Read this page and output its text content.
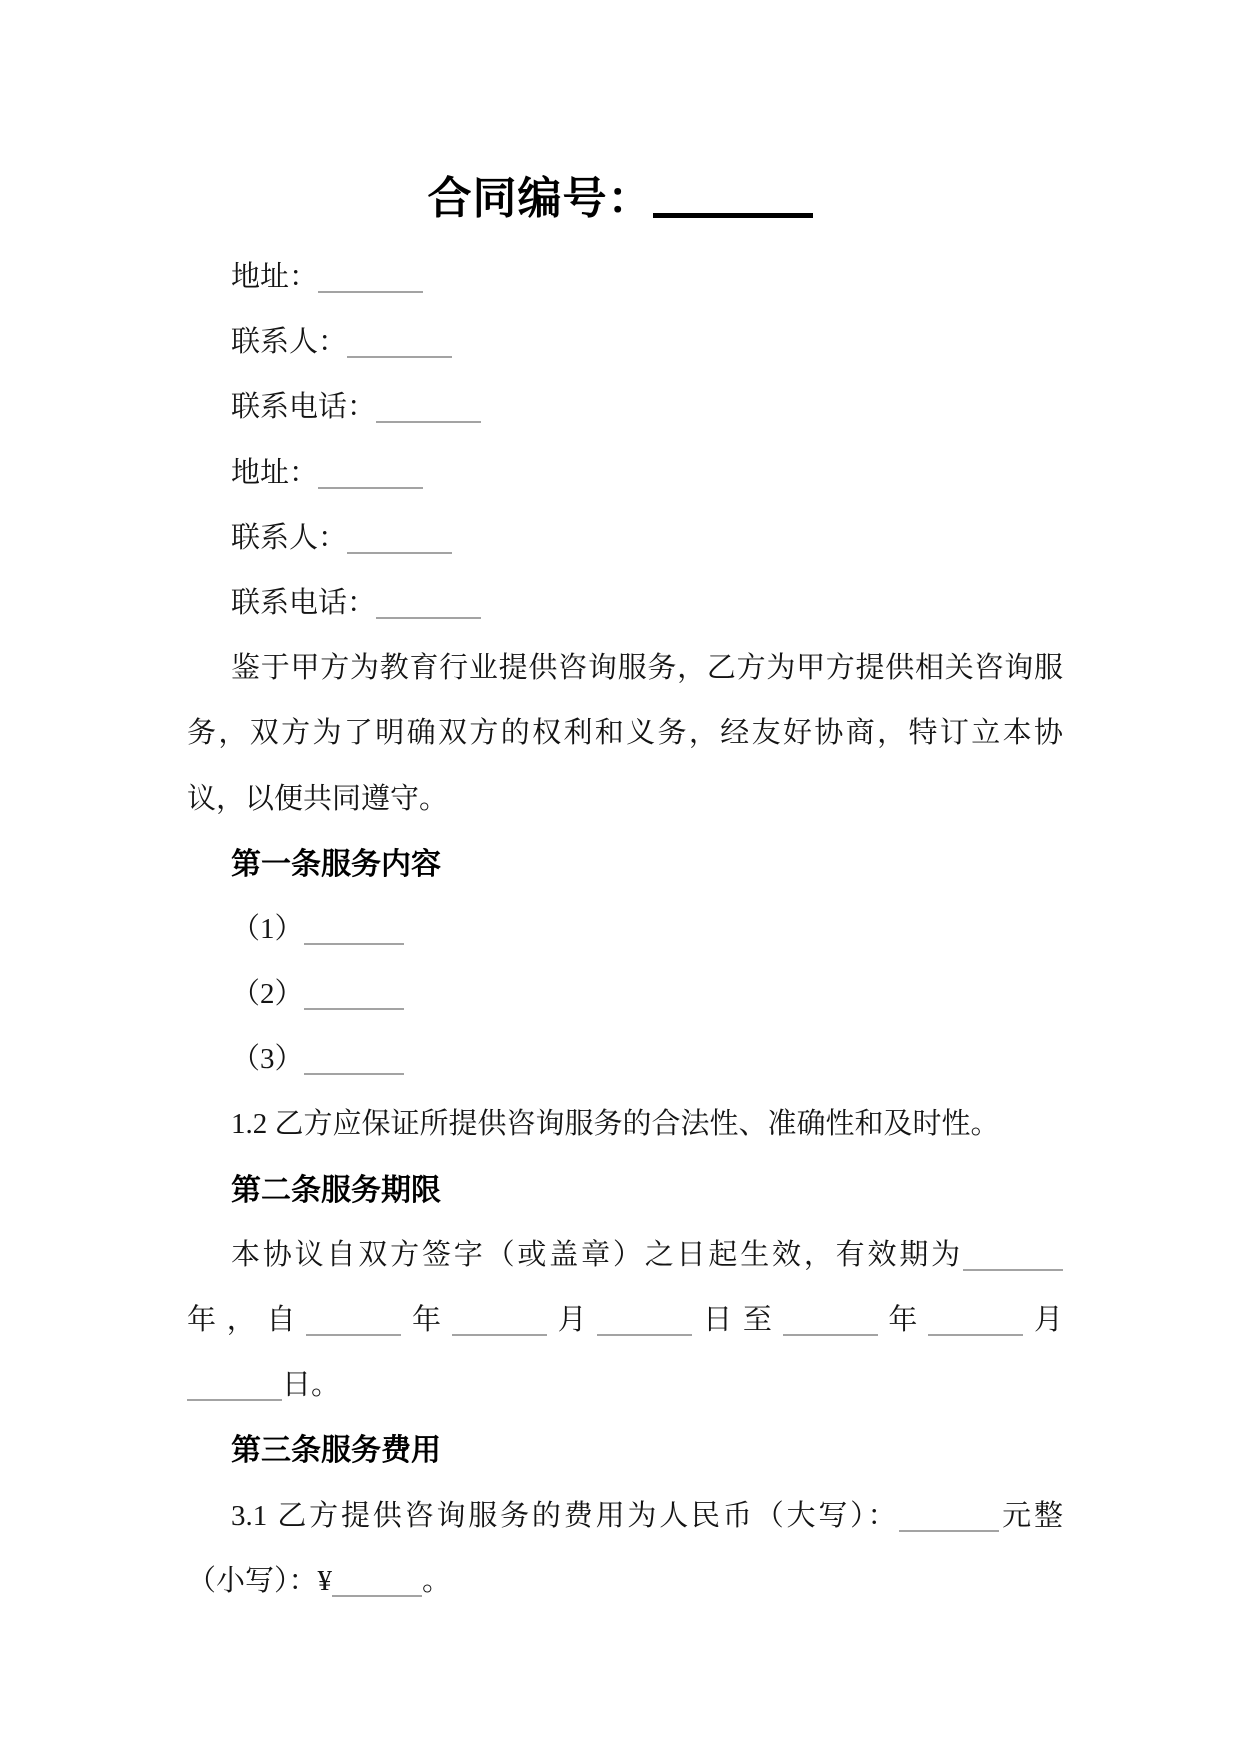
合同编号：
地址：
联系人：
联系电话：
地址：
联系人：
联系电话：
鉴于甲方为教育行业提供咨询服务，乙方为甲方提供相关咨询服
务，双方为了明确双方的权利和义务，经友好协商，特订立本协
议，以便共同遵守。
第一条服务内容
（1）
（2）
（3）
1.2 乙方应保证所提供咨询服务的合法性、准确性和及时性。
第二条服务期限
本协议自双方签字（或盖章）之日起生效，有效期为
年，自	年	月	日至	年	月
日。
第三条服务费用
3.1 乙方提供咨询服务的费用为人民币（大写）：	元整
（小写）：¥	。
